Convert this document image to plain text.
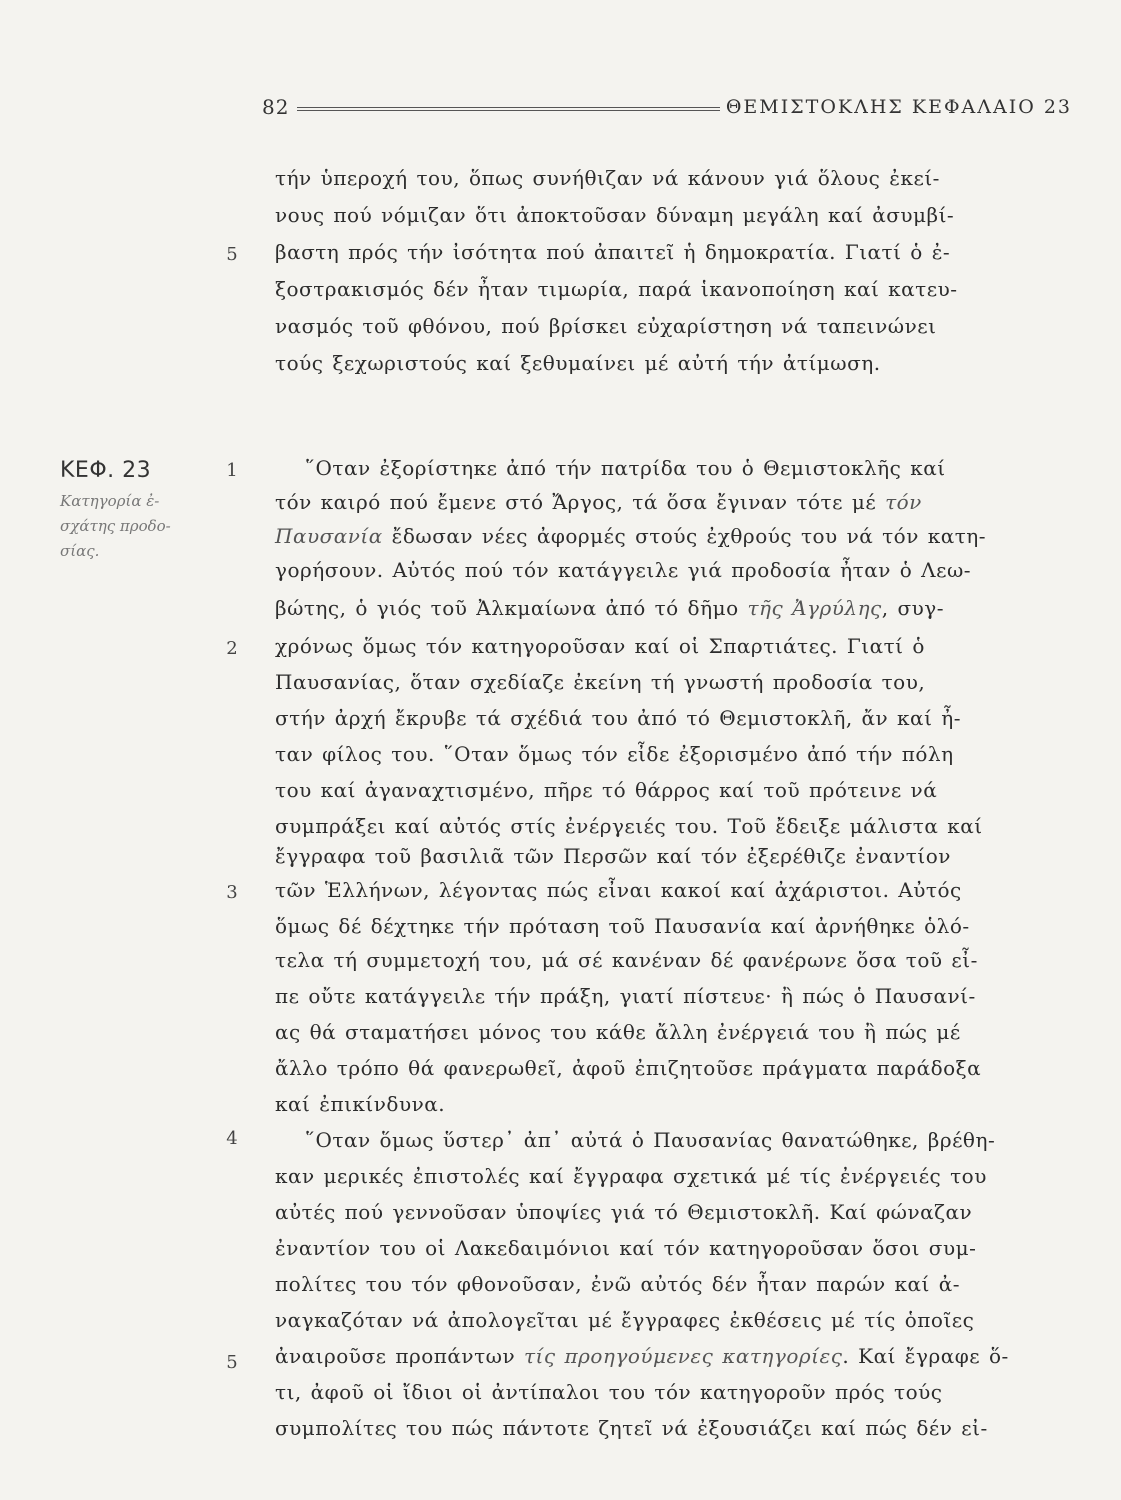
82	ΘΕΜΙΣΤΟΚΛΗΣ ΚΕΦΑΛΑΙΟ 23
τήν ὑπεροχή του, ὅπως συνήθιζαν νά κάνουν γιά ὅλους ἐκεί-
νους πού νόμιζαν ὅτι ἀποκτοῦσαν δύναμη μεγάλη καί ἀσυμβί-
βαστη πρός τήν ἰσότητα πού ἀπαιτεῖ ἡ δημοκρατία. Γιατί ὁ ἐ-
ξοστρακισμός δέν ἦταν τιμωρία, παρά ἱκανοποίηση καί κατευ-
νασμός τοῦ φθόνου, πού βρίσκει εὐχαρίστηση νά ταπεινώνει
τούς ξεχωριστούς καί ξεθυμαίνει μέ αὐτή τήν ἀτίμωση.
5
ΚΕΦ. 23
Κατηγορία ἐ-
σχάτης προδο-
σίας.
1
2
3
4
5
῞Οταν ἐξορίστηκε ἀπό τήν πατρίδα του ὁ Θεμιστοκλῆς καί
τόν καιρό πού ἔμενε στό Ἄργος, τά ὅσα ἔγιναν τότε μέ τόν
Παυσανία ἔδωσαν νέες ἀφορμές στούς ἐχθρούς του νά τόν κατη-
γορήσουν. Αὐτός πού τόν κατάγγειλε γιά προδοσία ἦταν ὁ Λεω-
βώτης, ὁ γιός τοῦ Ἀλκμαίωνα ἀπό τό δῆμο τῆς Ἀγρύλης, συγ-
χρόνως ὅμως τόν κατηγοροῦσαν καί οἱ Σπαρτιάτες. Γιατί ὁ
Παυσανίας, ὅταν σχεδίαζε ἐκείνη τή γνωστή προδοσία του,
στήν ἀρχή ἔκρυβε τά σχέδιά του ἀπό τό Θεμιστοκλῆ, ἄν καί ἦ-
ταν φίλος του. ῞Οταν ὅμως τόν εἶδε ἐξορισμένο ἀπό τήν πόλη
του καί ἀγαναχτισμένο, πῆρε τό θάρρος καί τοῦ πρότεινε νά
συμπράξει καί αὐτός στίς ἐνέργειές του. Τοῦ ἔδειξε μάλιστα καί
ἔγγραφα τοῦ βασιλιᾶ τῶν Περσῶν καί τόν ἐξερέθιζε ἐναντίον
τῶν Ἑλλήνων, λέγοντας πώς εἶναι κακοί καί ἀχάριστοι. Αὐτός
ὅμως δέ δέχτηκε τήν πρόταση τοῦ Παυσανία καί ἀρνήθηκε ὁλό-
τελα τή συμμετοχή του, μά σέ κανέναν δέ φανέρωνε ὅσα τοῦ εἶ-
πε οὔτε κατάγγειλε τήν πράξη, γιατί πίστευε· ἢ πώς ὁ Παυσανί-
ας θά σταματήσει μόνος του κάθε ἄλλη ἐνέργειά του ἢ πώς μέ
ἄλλο τρόπο θά φανερωθεῖ, ἀφοῦ ἐπιζητοῦσε πράγματα παράδοξα
καί ἐπικίνδυνα.
῞Οταν ὅμως ὕστερ᾽ ἀπ᾽ αὐτά ὁ Παυσανίας θανατώθηκε, βρέθη-
καν μερικές ἐπιστολές καί ἔγγραφα σχετικά μέ τίς ἐνέργειές του
αὐτές πού γεννοῦσαν ὑποψίες γιά τό Θεμιστοκλῆ. Καί φώναζαν
ἐναντίον του οἱ Λακεδαιμόνιοι καί τόν κατηγοροῦσαν ὅσοι συμ-
πολίτες του τόν φθονοῦσαν, ἐνῶ αὐτός δέν ἦταν παρών καί ἀ-
ναγκαζόταν νά ἀπολογεῖται μέ ἔγγραφες ἐκθέσεις μέ τίς ὁποῖες
ἀναιροῦσε προπάντων τίς προηγούμενες κατηγορίες. Καί ἔγραφε ὅ-
τι, ἀφοῦ οἱ ἴδιοι οἱ ἀντίπαλοι του τόν κατηγοροῦν πρός τούς
συμπολίτες του πώς πάντοτε ζητεῖ νά ἐξουσιάζει καί πώς δέν εἰ-
